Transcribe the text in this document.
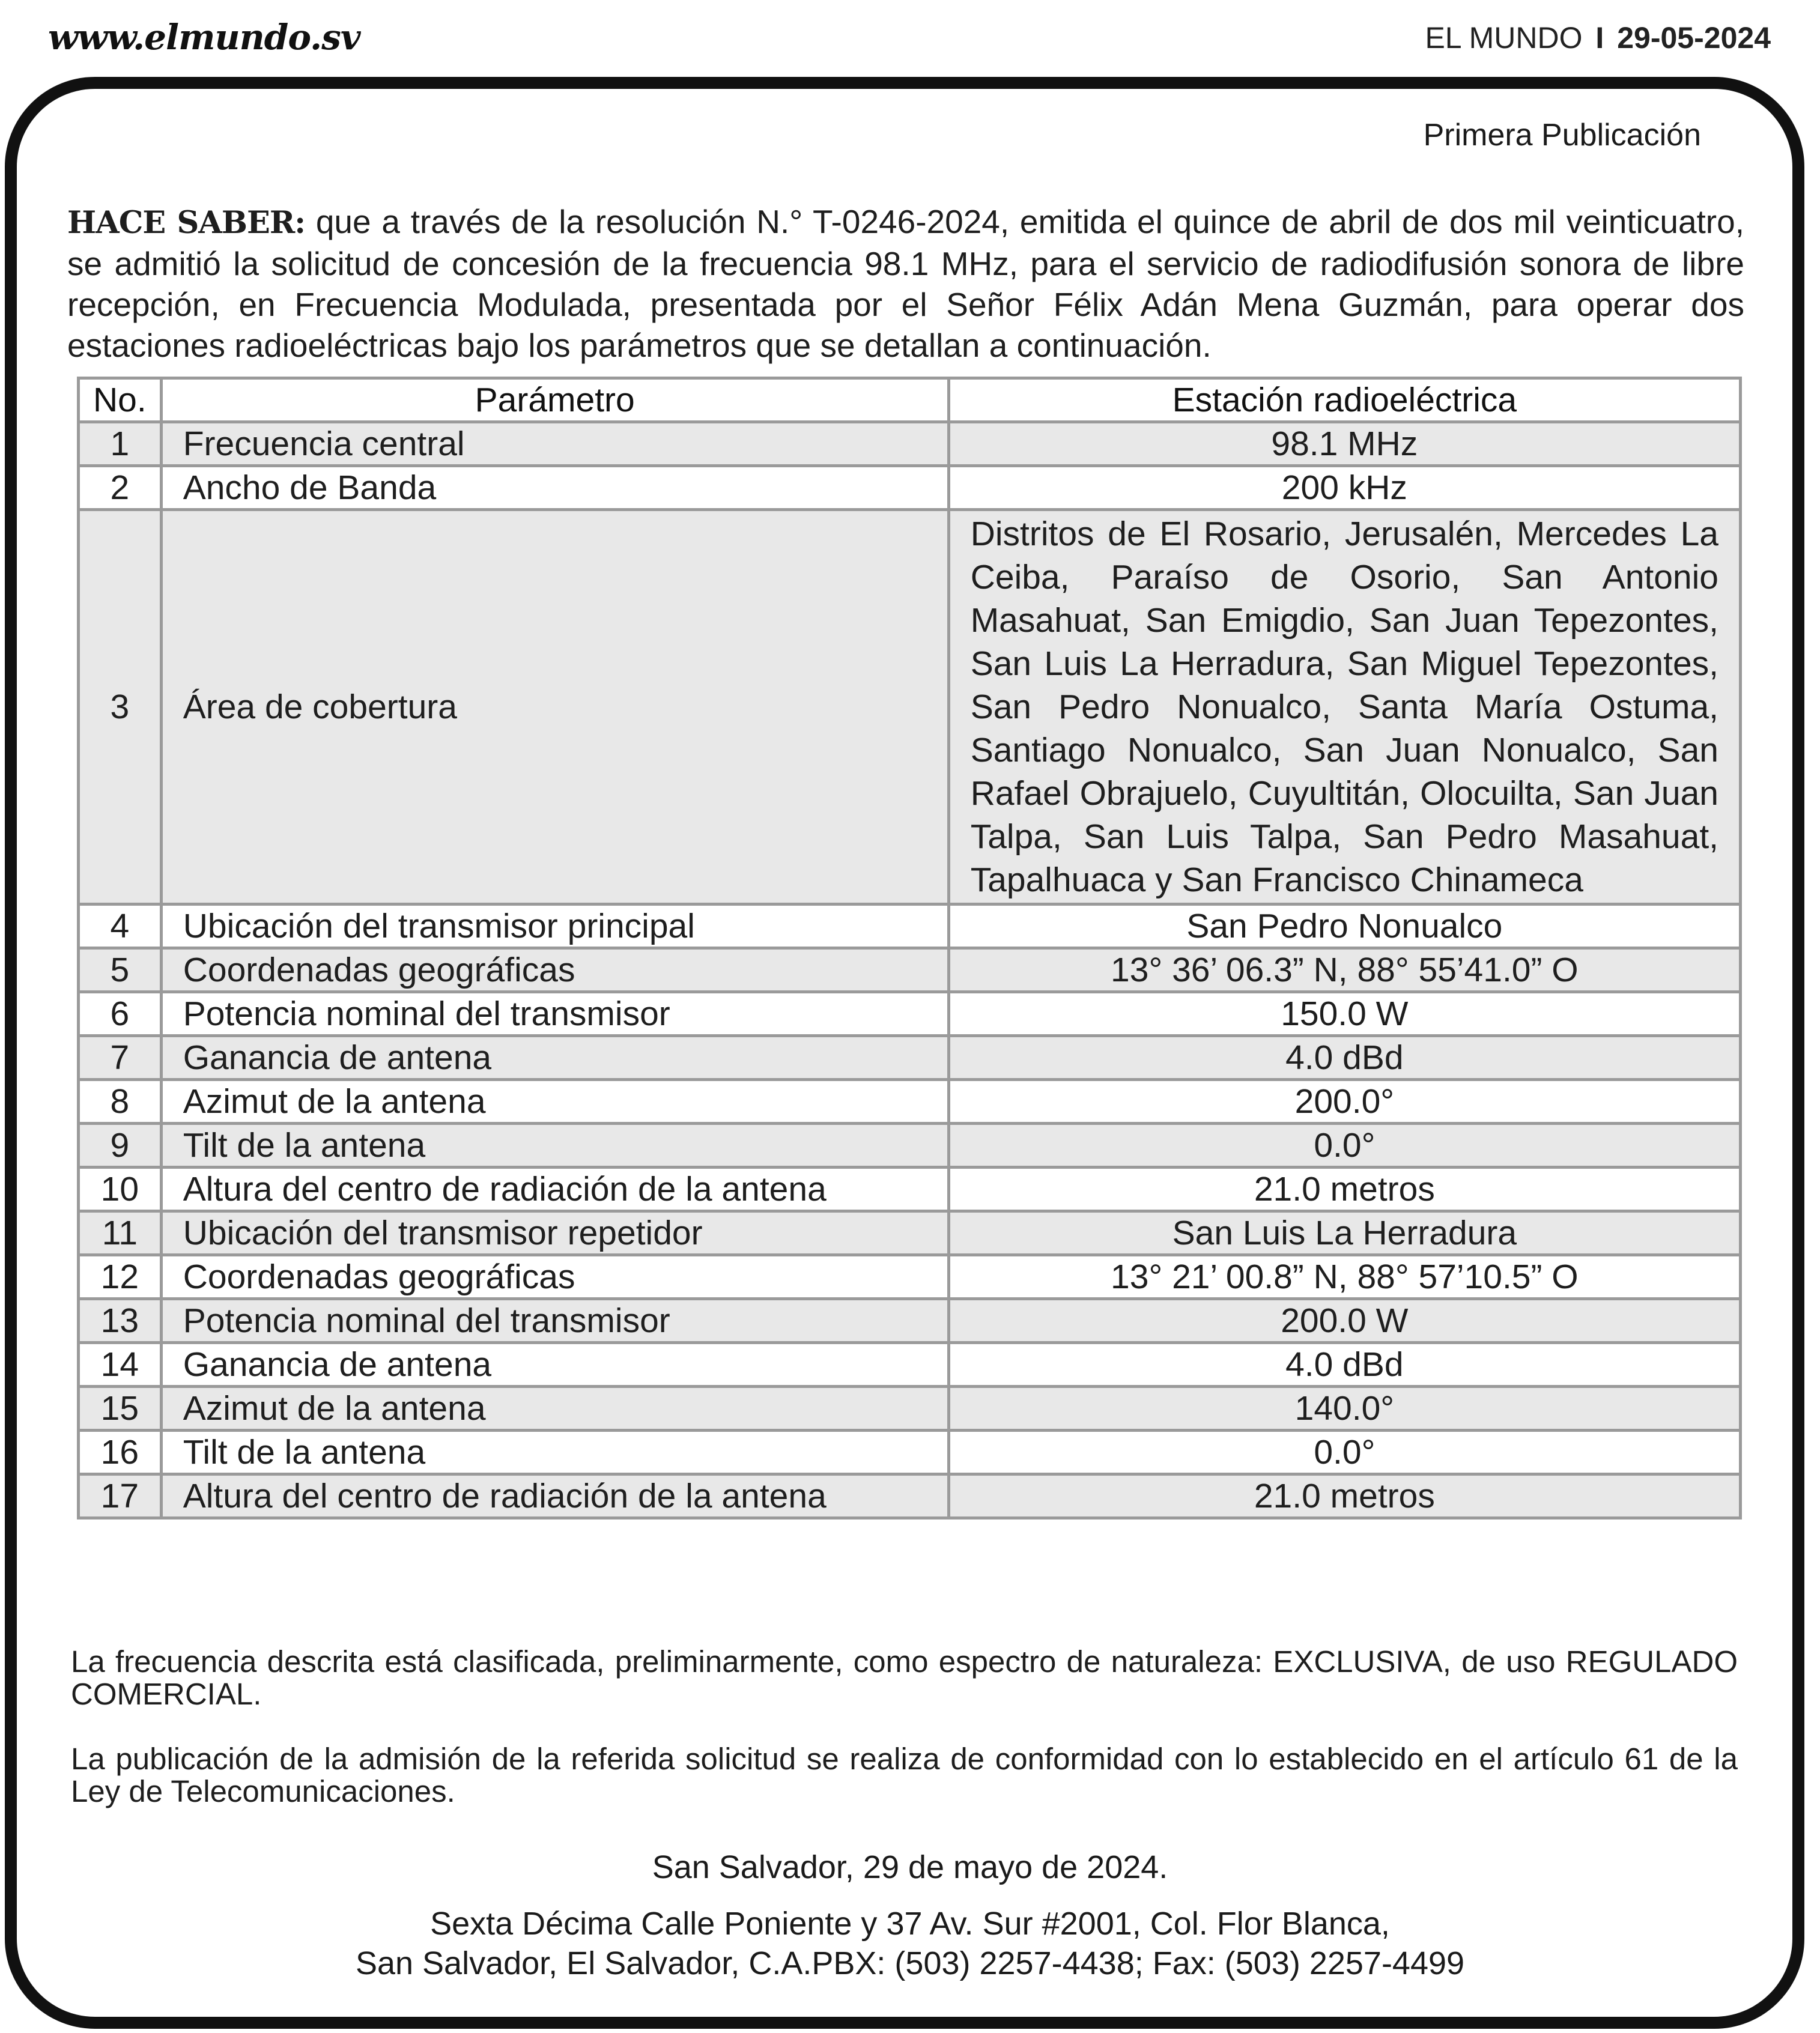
www.elmundo.sv	EL MUNDO I 29-05-2024
Primera Publicación
HACE SABER: que a través de la resolución N.° T-0246-2024, emitida el quince de abril de dos mil veinticuatro, se admitió la solicitud de concesión de la frecuencia 98.1 MHz, para el servicio de radiodifusión sonora de libre recepción, en Frecuencia Modulada, presentada por el Señor Félix Adán Mena Guzmán, para operar dos estaciones radioeléctricas bajo los parámetros que se detallan a continuación.
No.	Parámetro	Estación radioeléctrica
1	Frecuencia central	98.1 MHz
2	Ancho de Banda	200 kHz
3	Área de cobertura	Distritos de El Rosario, Jerusalén, Mercedes La Ceiba, Paraíso de Osorio, San Antonio Masahuat, San Emigdio, San Juan Tepezontes, San Luis La Herradura, San Miguel Tepezontes, San Pedro Nonualco, Santa María Ostuma, Santiago Nonualco, San Juan Nonualco, San Rafael Obrajuelo, Cuyultitán, Olocuilta, San Juan Talpa, San Luis Talpa, San Pedro Masahuat, Tapalhuaca y San Francisco Chinameca
4	Ubicación del transmisor principal	San Pedro Nonualco
5	Coordenadas geográficas	13° 36’ 06.3” N, 88° 55’41.0” O
6	Potencia nominal del transmisor	150.0 W
7	Ganancia de antena	4.0 dBd
8	Azimut de la antena	200.0°
9	Tilt de la antena	0.0°
10	Altura del centro de radiación de la antena	21.0 metros
11	Ubicación del transmisor repetidor	San Luis La Herradura
12	Coordenadas geográficas	13° 21’ 00.8” N, 88° 57’10.5” O
13	Potencia nominal del transmisor	200.0 W
14	Ganancia de antena	4.0 dBd
15	Azimut de la antena	140.0°
16	Tilt de la antena	0.0°
17	Altura del centro de radiación de la antena	21.0 metros
La frecuencia descrita está clasificada, preliminarmente, como espectro de naturaleza: EXCLUSIVA, de uso REGULADO COMERCIAL.
La publicación de la admisión de la referida solicitud se realiza de conformidad con lo establecido en el artículo 61 de la Ley de Telecomunicaciones.
San Salvador, 29 de mayo de 2024.
Sexta Décima Calle Poniente y 37 Av. Sur #2001, Col. Flor Blanca,
San Salvador, El Salvador, C.A.PBX: (503) 2257-4438; Fax: (503) 2257-4499
